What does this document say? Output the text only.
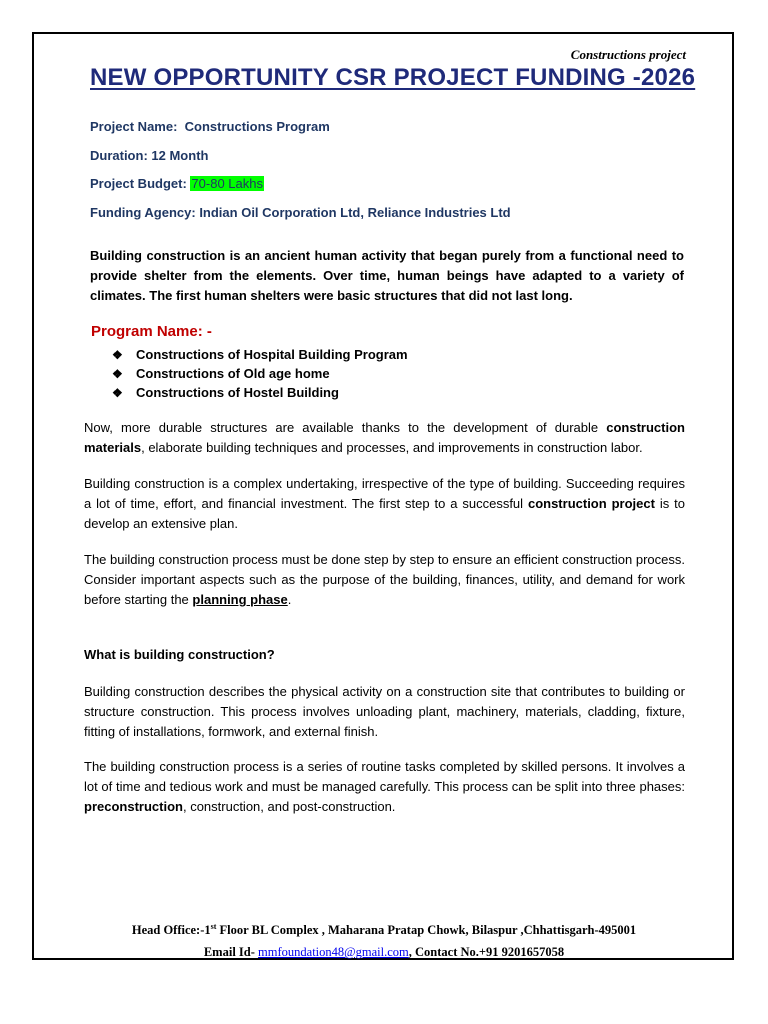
Constructions project
NEW OPPORTUNITY CSR PROJECT FUNDING -2026
Project Name: Constructions Program
Duration: 12 Month
Project Budget: 70-80 Lakhs
Funding Agency: Indian Oil Corporation Ltd, Reliance Industries Ltd
Building construction is an ancient human activity that began purely from a functional need to provide shelter from the elements. Over time, human beings have adapted to a variety of climates. The first human shelters were basic structures that did not last long.
Program Name: -
❖ Constructions of Hospital Building Program
❖ Constructions of Old age home
❖ Constructions of Hostel Building
Now, more durable structures are available thanks to the development of durable construction materials, elaborate building techniques and processes, and improvements in construction labor.
Building construction is a complex undertaking, irrespective of the type of building. Succeeding requires a lot of time, effort, and financial investment. The first step to a successful construction project is to develop an extensive plan.
The building construction process must be done step by step to ensure an efficient construction process. Consider important aspects such as the purpose of the building, finances, utility, and demand for work before starting the planning phase.
What is building construction?
Building construction describes the physical activity on a construction site that contributes to building or structure construction. This process involves unloading plant, machinery, materials, cladding, fixture, fitting of installations, formwork, and external finish.
The building construction process is a series of routine tasks completed by skilled persons. It involves a lot of time and tedious work and must be managed carefully. This process can be split into three phases: preconstruction, construction, and post-construction.
Head Office:-1st Floor BL Complex , Maharana Pratap Chowk, Bilaspur ,Chhattisgarh-495001
Email Id- mmfoundation48@gmail.com, Contact No.+91 9201657058
